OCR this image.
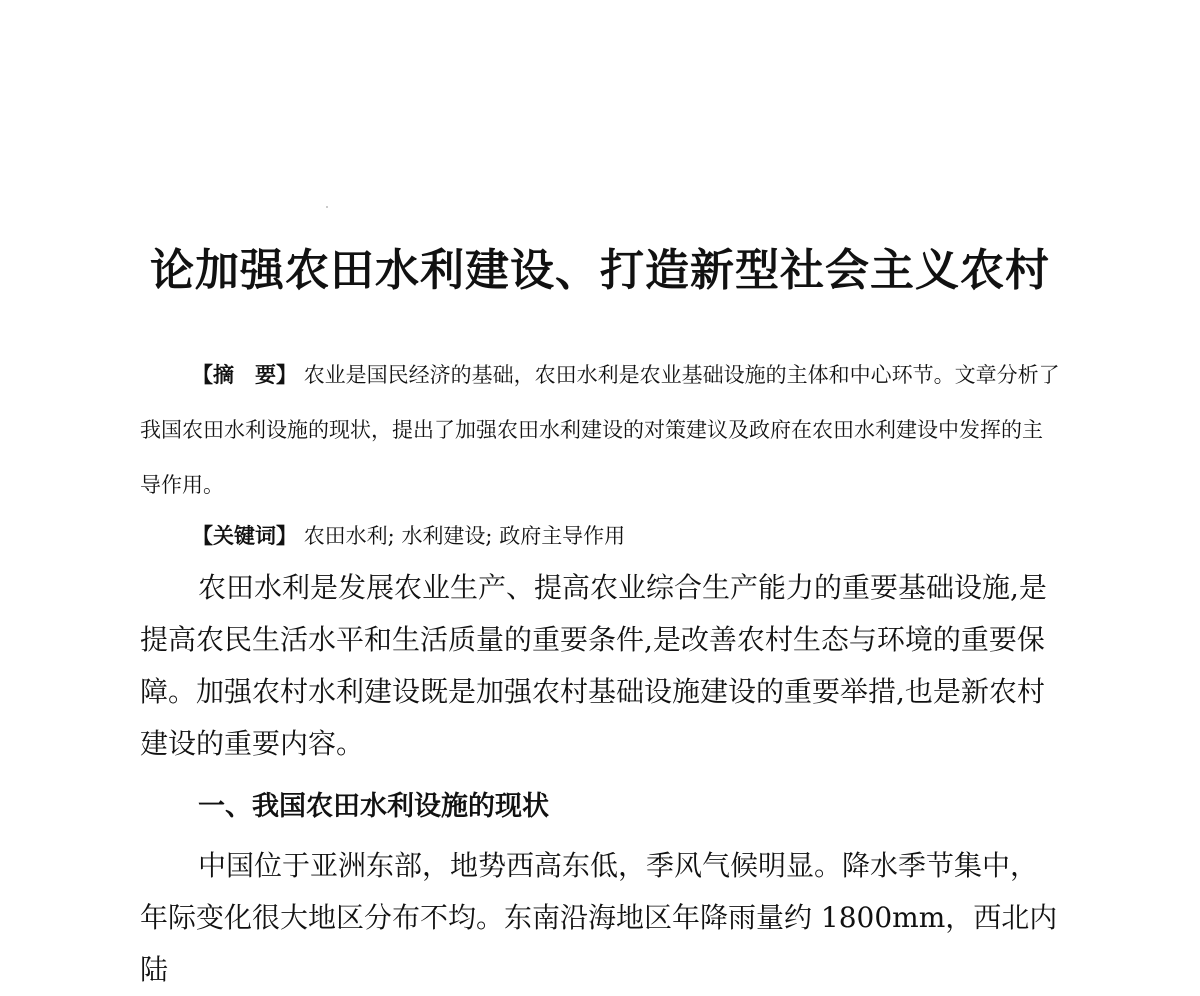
论加强农田水利建设、打造新型社会主义农村

【摘　要】 农业是国民经济的基础，农田水利是农业基础设施的主体和中心环节。文章分析了我国农田水利设施的现状，提出了加强农田水利建设的对策建议及政府在农田水利建设中发挥的主导作用。

【关键词】 农田水利; 水利建设; 政府主导作用

农田水利是发展农业生产、提高农业综合生产能力的重要基础设施,是提高农民生活水平和生活质量的重要条件,是改善农村生态与环境的重要保障。加强农村水利建设既是加强农村基础设施建设的重要举措,也是新农村建设的重要内容。

一、我国农田水利设施的现状

中国位于亚洲东部，地势西高东低，季风气候明显。降水季节集中，年际变化很大地区分布不均。东南沿海地区年降雨量约 1800mm，西北内陆
